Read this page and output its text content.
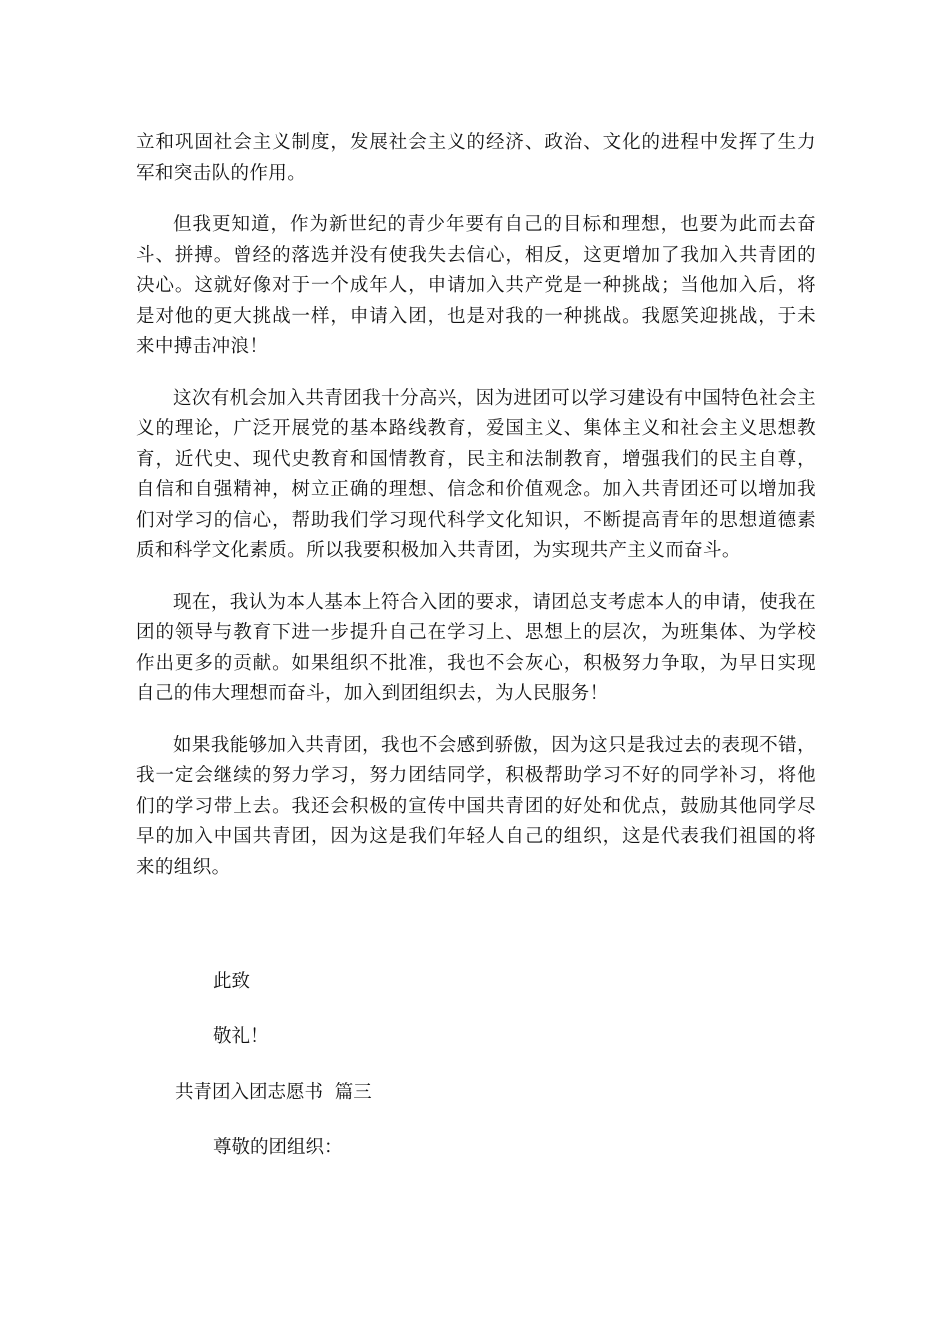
立和巩固社会主义制度，发展社会主义的经济、政治、文化的进程中发挥了生力军和突击队的作用。

但我更知道，作为新世纪的青少年要有自己的目标和理想，也要为此而去奋斗、拼搏。曾经的落选并没有使我失去信心，相反，这更增加了我加入共青团的决心。这就好像对于一个成年人，申请加入共产党是一种挑战；当他加入后，将是对他的更大挑战一样，申请入团，也是对我的一种挑战。我愿笑迎挑战，于未来中搏击冲浪！

这次有机会加入共青团我十分高兴，因为进团可以学习建设有中国特色社会主义的理论，广泛开展党的基本路线教育，爱国主义、集体主义和社会主义思想教育，近代史、现代史教育和国情教育，民主和法制教育，增强我们的民主自尊，自信和自强精神，树立正确的理想、信念和价值观念。加入共青团还可以增加我们对学习的信心，帮助我们学习现代科学文化知识，不断提高青年的思想道德素质和科学文化素质。所以我要积极加入共青团，为实现共产主义而奋斗。

现在，我认为本人基本上符合入团的要求，请团总支考虑本人的申请，使我在团的领导与教育下进一步提升自己在学习上、思想上的层次，为班集体、为学校作出更多的贡献。如果组织不批准，我也不会灰心，积极努力争取，为早日实现自己的伟大理想而奋斗，加入到团组织去，为人民服务！

如果我能够加入共青团，我也不会感到骄傲，因为这只是我过去的表现不错，我一定会继续的努力学习，努力团结同学，积极帮助学习不好的同学补习，将他们的学习带上去。我还会积极的宣传中国共青团的好处和优点，鼓励其他同学尽早的加入中国共青团，因为这是我们年轻人自己的组织，这是代表我们祖国的将来的组织。

此致

敬礼！

共青团入团志愿书  篇三

尊敬的团组织：
